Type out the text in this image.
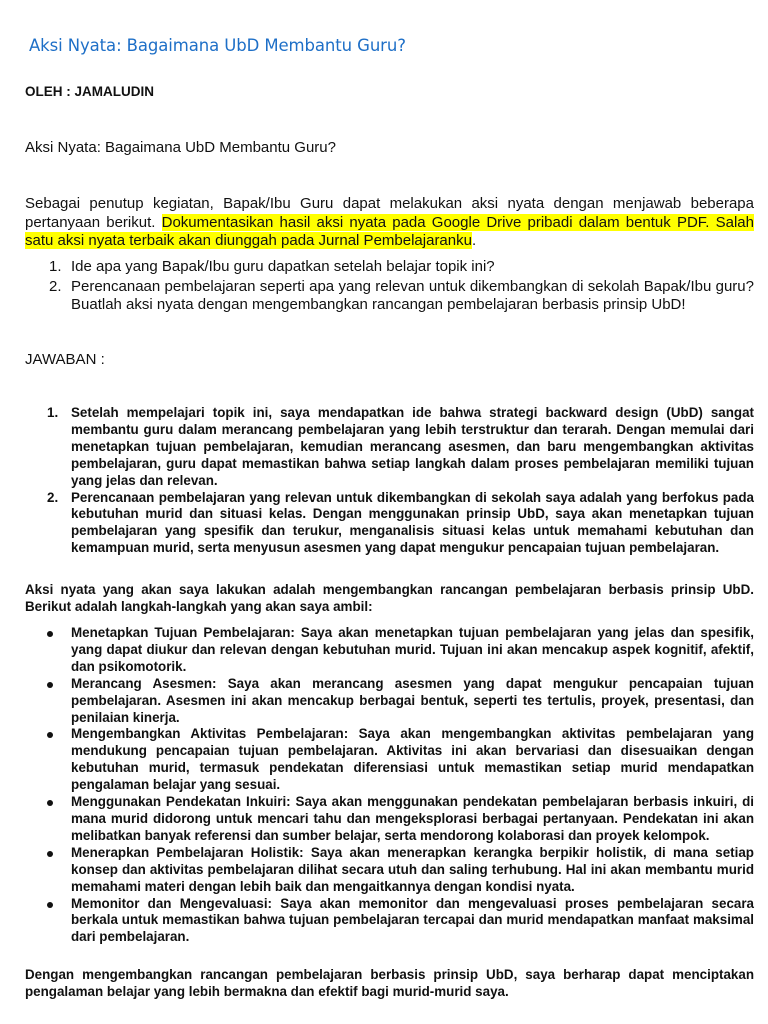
Aksi Nyata: Bagaimana UbD Membantu Guru?

OLEH : JAMALUDIN

Aksi Nyata: Bagaimana UbD Membantu Guru?

Sebagai penutup kegiatan, Bapak/Ibu Guru dapat melakukan aksi nyata dengan menjawab beberapa pertanyaan berikut. Dokumentasikan hasil aksi nyata pada Google Drive pribadi dalam bentuk PDF. Salah satu aksi nyata terbaik akan diunggah pada Jurnal Pembelajaranku.

1. Ide apa yang Bapak/Ibu guru dapatkan setelah belajar topik ini?
2. Perencanaan pembelajaran seperti apa yang relevan untuk dikembangkan di sekolah Bapak/Ibu guru? Buatlah aksi nyata dengan mengembangkan rancangan pembelajaran berbasis prinsip UbD!

JAWABAN :

1. Setelah mempelajari topik ini, saya mendapatkan ide bahwa strategi backward design (UbD) sangat membantu guru dalam merancang pembelajaran yang lebih terstruktur dan terarah. Dengan memulai dari menetapkan tujuan pembelajaran, kemudian merancang asesmen, dan baru mengembangkan aktivitas pembelajaran, guru dapat memastikan bahwa setiap langkah dalam proses pembelajaran memiliki tujuan yang jelas dan relevan.
2. Perencanaan pembelajaran yang relevan untuk dikembangkan di sekolah saya adalah yang berfokus pada kebutuhan murid dan situasi kelas. Dengan menggunakan prinsip UbD, saya akan menetapkan tujuan pembelajaran yang spesifik dan terukur, menganalisis situasi kelas untuk memahami kebutuhan dan kemampuan murid, serta menyusun asesmen yang dapat mengukur pencapaian tujuan pembelajaran.

Aksi nyata yang akan saya lakukan adalah mengembangkan rancangan pembelajaran berbasis prinsip UbD. Berikut adalah langkah-langkah yang akan saya ambil:

Menetapkan Tujuan Pembelajaran: Saya akan menetapkan tujuan pembelajaran yang jelas dan spesifik, yang dapat diukur dan relevan dengan kebutuhan murid. Tujuan ini akan mencakup aspek kognitif, afektif, dan psikomotorik.
Merancang Asesmen: Saya akan merancang asesmen yang dapat mengukur pencapaian tujuan pembelajaran. Asesmen ini akan mencakup berbagai bentuk, seperti tes tertulis, proyek, presentasi, dan penilaian kinerja.
Mengembangkan Aktivitas Pembelajaran: Saya akan mengembangkan aktivitas pembelajaran yang mendukung pencapaian tujuan pembelajaran. Aktivitas ini akan bervariasi dan disesuaikan dengan kebutuhan murid, termasuk pendekatan diferensiasi untuk memastikan setiap murid mendapatkan pengalaman belajar yang sesuai.
Menggunakan Pendekatan Inkuiri: Saya akan menggunakan pendekatan pembelajaran berbasis inkuiri, di mana murid didorong untuk mencari tahu dan mengeksplorasi berbagai pertanyaan. Pendekatan ini akan melibatkan banyak referensi dan sumber belajar, serta mendorong kolaborasi dan proyek kelompok.
Menerapkan Pembelajaran Holistik: Saya akan menerapkan kerangka berpikir holistik, di mana setiap konsep dan aktivitas pembelajaran dilihat secara utuh dan saling terhubung. Hal ini akan membantu murid memahami materi dengan lebih baik dan mengaitkannya dengan kondisi nyata.
Memonitor dan Mengevaluasi: Saya akan memonitor dan mengevaluasi proses pembelajaran secara berkala untuk memastikan bahwa tujuan pembelajaran tercapai dan murid mendapatkan manfaat maksimal dari pembelajaran.

Dengan mengembangkan rancangan pembelajaran berbasis prinsip UbD, saya berharap dapat menciptakan pengalaman belajar yang lebih bermakna dan efektif bagi murid-murid saya.
